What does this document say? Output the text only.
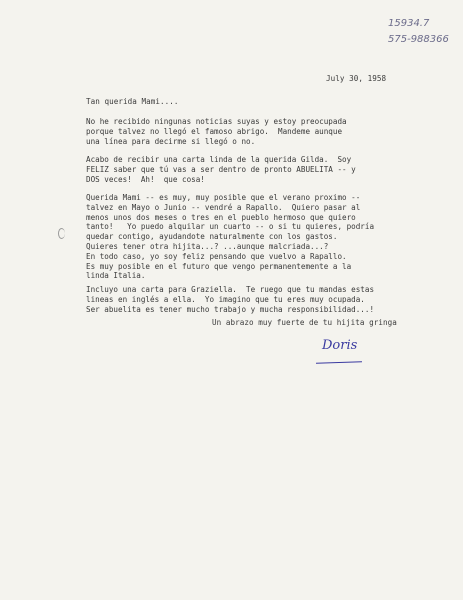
15934.7
575-988366
July 30, 1958
Tan querida Mami....
No he recibido ningunas noticias suyas y estoy preocupada
porque talvez no llegó el famoso abrigo.  Mandeme aunque
una línea para decirme si llegó o no.
Acabo de recibir una carta linda de la querida Gilda.  Soy
FELIZ saber que tú vas a ser dentro de pronto ABUELITA -- y
DOS veces!  Ah!  que cosa!
Querida Mami -- es muy, muy posible que el verano proximo --
talvez en Mayo o Junio -- vendré a Rapallo.  Quiero pasar al
menos unos dos meses o tres en el pueblo hermoso que quiero
tanto!   Yo puedo alquilar un cuarto -- o si tu quieres, podría
quedar contigo, ayudandote naturalmente con los gastos.
Quieres tener otra hijita...? ...aunque malcriada...?
En todo caso, yo soy feliz pensando que vuelvo a Rapallo.
Es muy posible en el futuro que vengo permanentemente a la
linda Italia.
Incluyo una carta para Graziella.  Te ruego que tu mandas estas
lineas en inglés a ella.  Yo imagino que tu eres muy ocupada.
Ser abuelita es tener mucho trabajo y mucha responsibilidad...!
Un abrazo muy fuerte de tu hijita gringa
Doris
